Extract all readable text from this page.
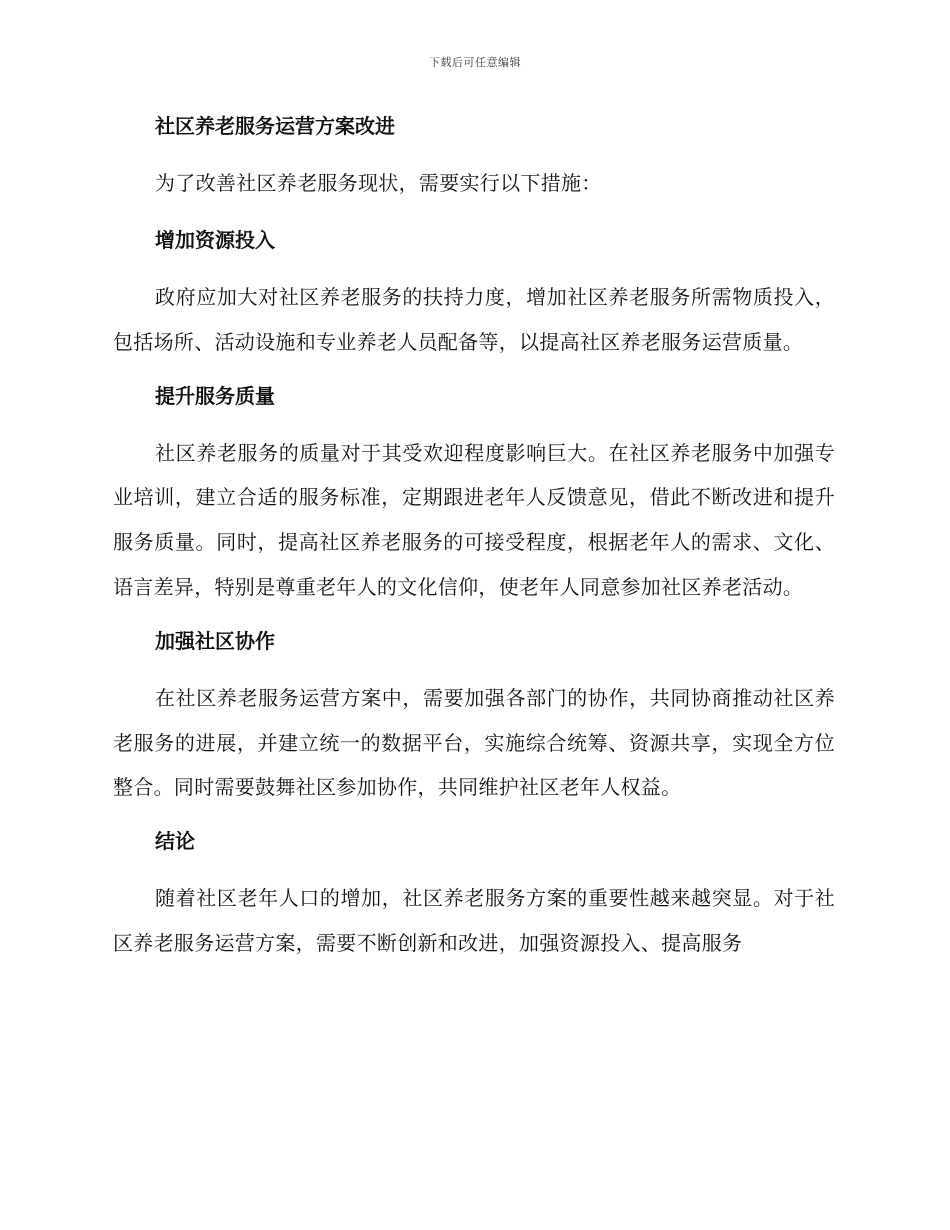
下载后可任意编辑

社区养老服务运营方案改进

为了改善社区养老服务现状，需要实行以下措施：

增加资源投入

政府应加大对社区养老服务的扶持力度，增加社区养老服务所需物质投入，包括场所、活动设施和专业养老人员配备等，以提高社区养老服务运营质量。

提升服务质量

社区养老服务的质量对于其受欢迎程度影响巨大。在社区养老服务中加强专业培训，建立合适的服务标准，定期跟进老年人反馈意见，借此不断改进和提升服务质量。同时，提高社区养老服务的可接受程度，根据老年人的需求、文化、语言差异，特别是尊重老年人的文化信仰，使老年人同意参加社区养老活动。

加强社区协作

在社区养老服务运营方案中，需要加强各部门的协作，共同协商推动社区养老服务的进展，并建立统一的数据平台，实施综合统筹、资源共享，实现全方位整合。同时需要鼓舞社区参加协作，共同维护社区老年人权益。

结论

随着社区老年人口的增加，社区养老服务方案的重要性越来越突显。对于社区养老服务运营方案，需要不断创新和改进，加强资源投入、提高服务
